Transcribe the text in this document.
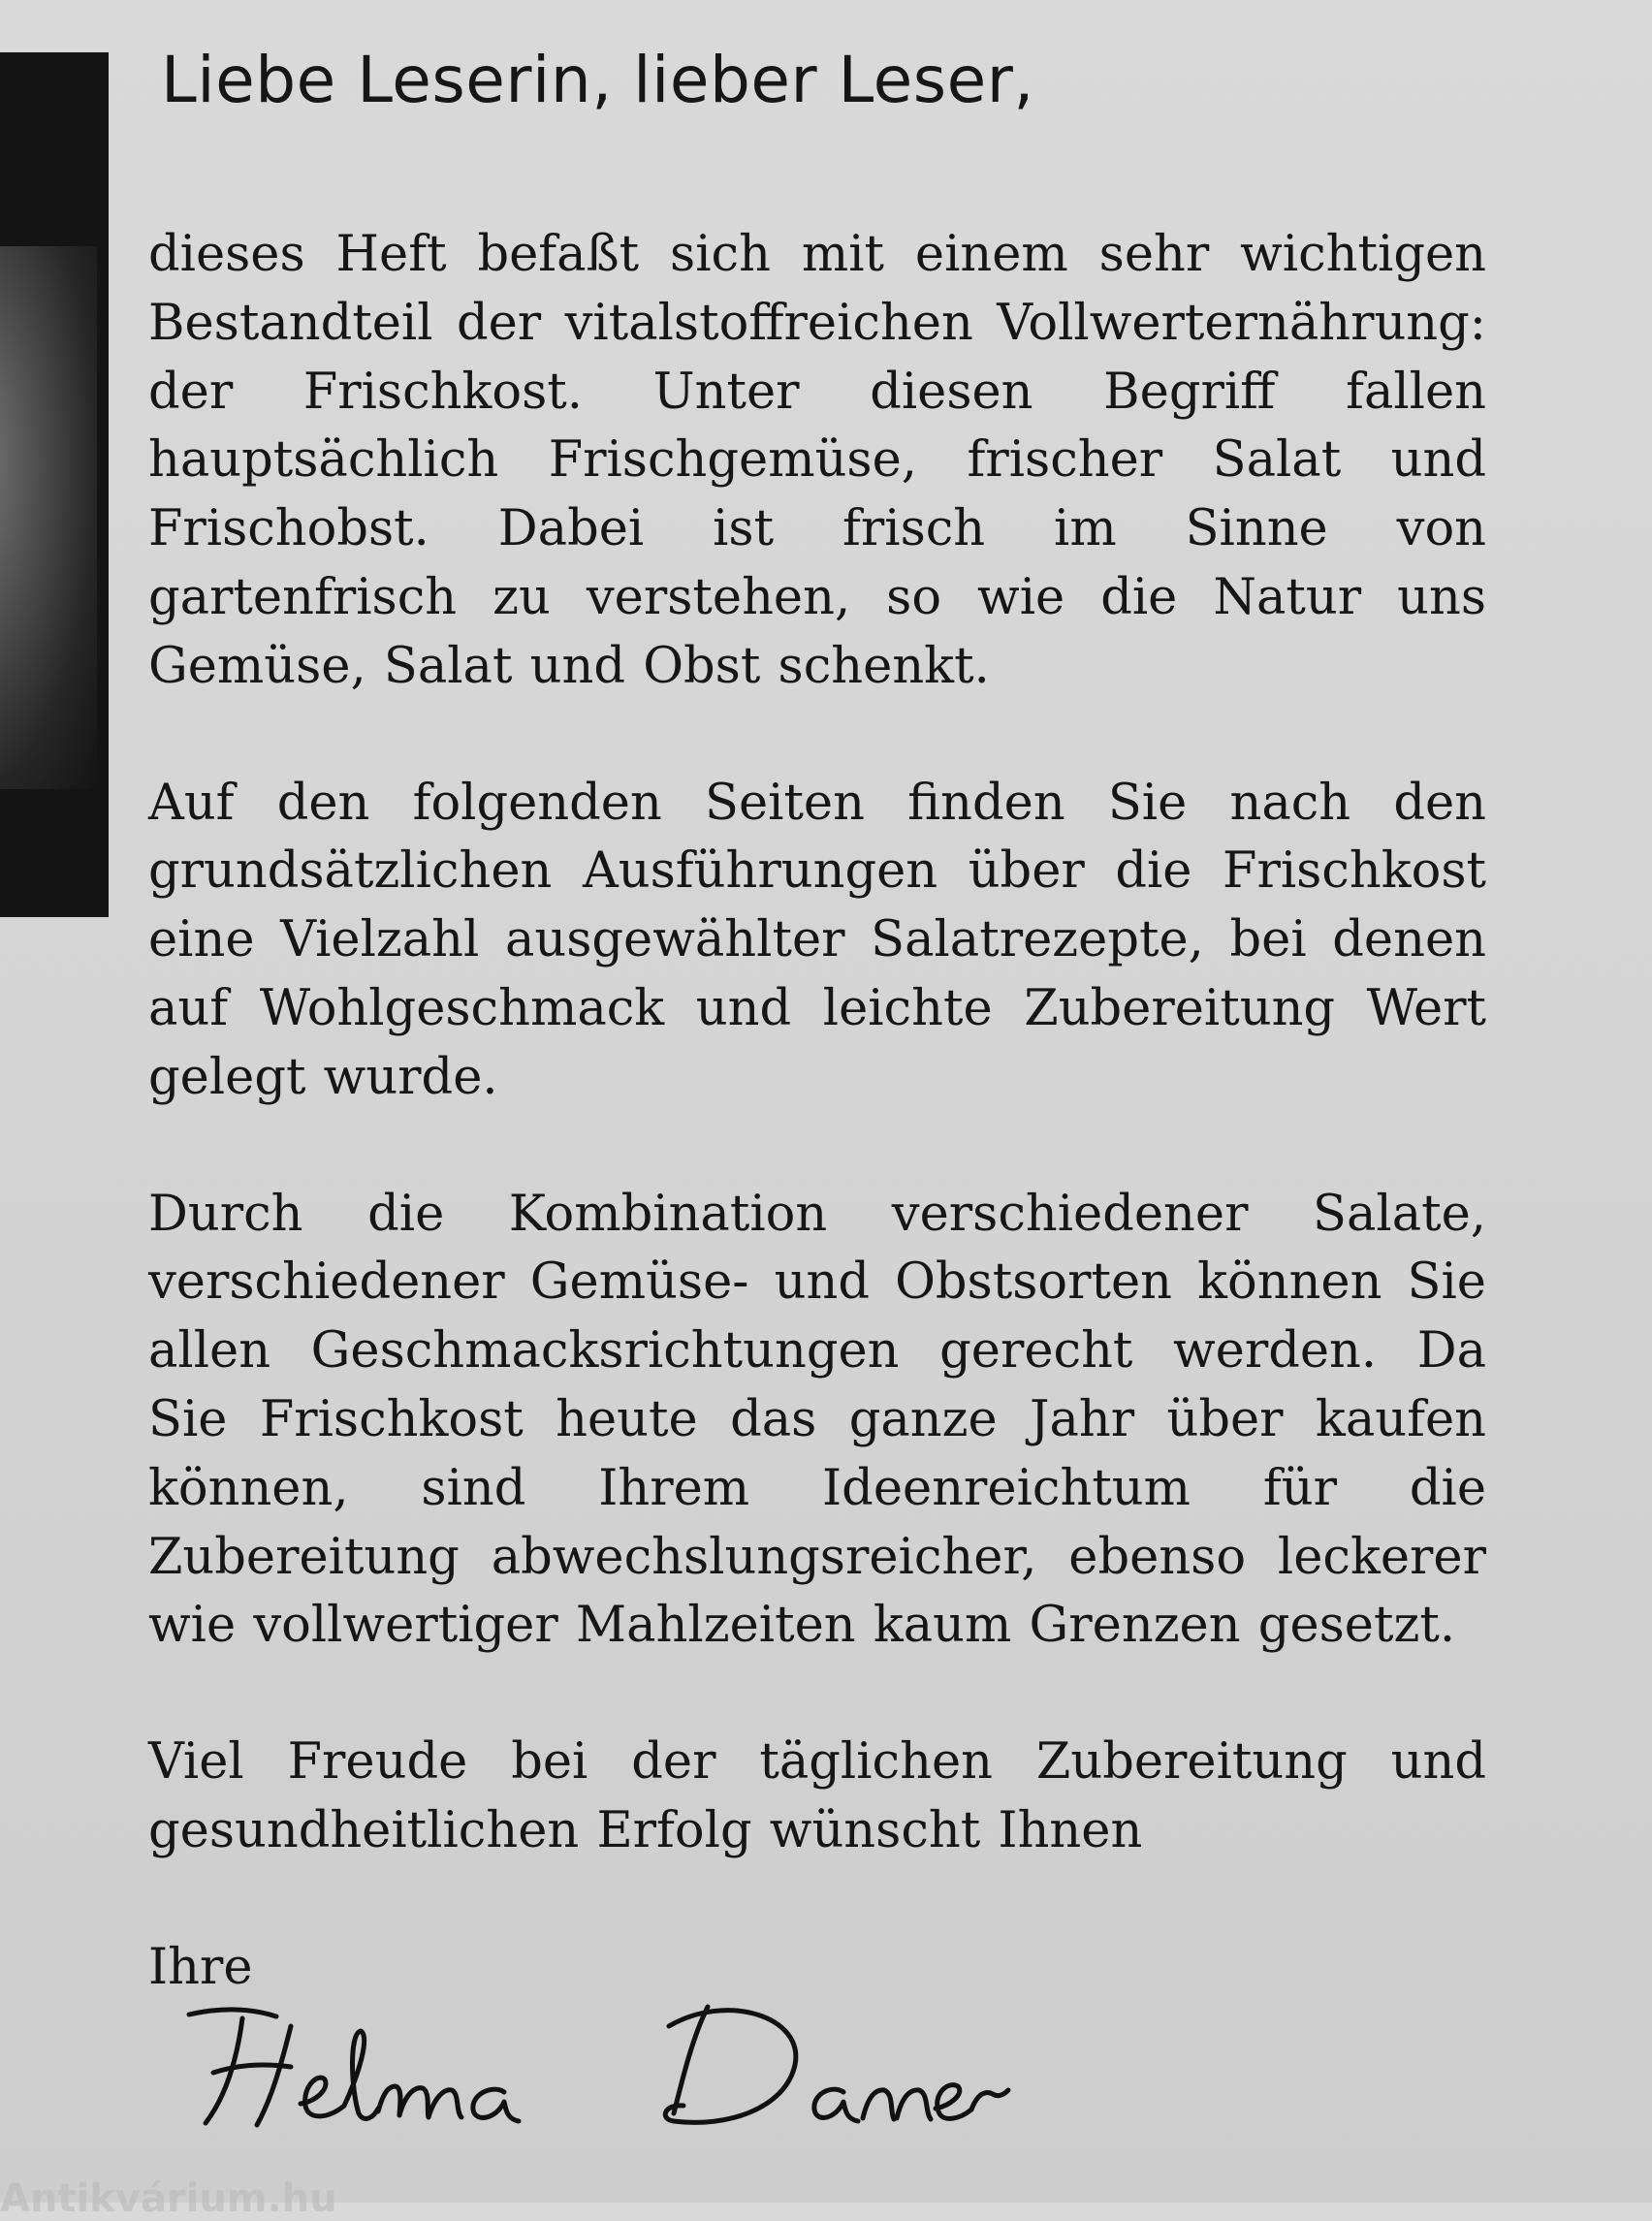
Liebe Leserin, lieber Leser,

dieses Heft befaßt sich mit einem sehr wichtigen Bestandteil der vitalstoffreichen Vollwerternährung: der Frischkost. Unter diesen Begriff fallen hauptsächlich Frischgemüse, frischer Salat und Frischobst. Dabei ist frisch im Sinne von gartenfrisch zu verstehen, so wie die Natur uns Gemüse, Salat und Obst schenkt.

Auf den folgenden Seiten finden Sie nach den grundsätzlichen Ausführungen über die Frischkost eine Vielzahl ausgewählter Salatrezepte, bei denen auf Wohlgeschmack und leichte Zubereitung Wert gelegt wurde.

Durch die Kombination verschiedener Salate, verschiedener Gemüse- und Obstsorten können Sie allen Geschmacksrichtungen gerecht werden. Da Sie Frischkost heute das ganze Jahr über kaufen können, sind Ihrem Ideenreichtum für die Zubereitung abwechslungsreicher, ebenso leckerer wie vollwertiger Mahlzeiten kaum Grenzen gesetzt.

Viel Freude bei der täglichen Zubereitung und gesundheitlichen Erfolg wünscht Ihnen

Ihre

Antikvárium.hu
